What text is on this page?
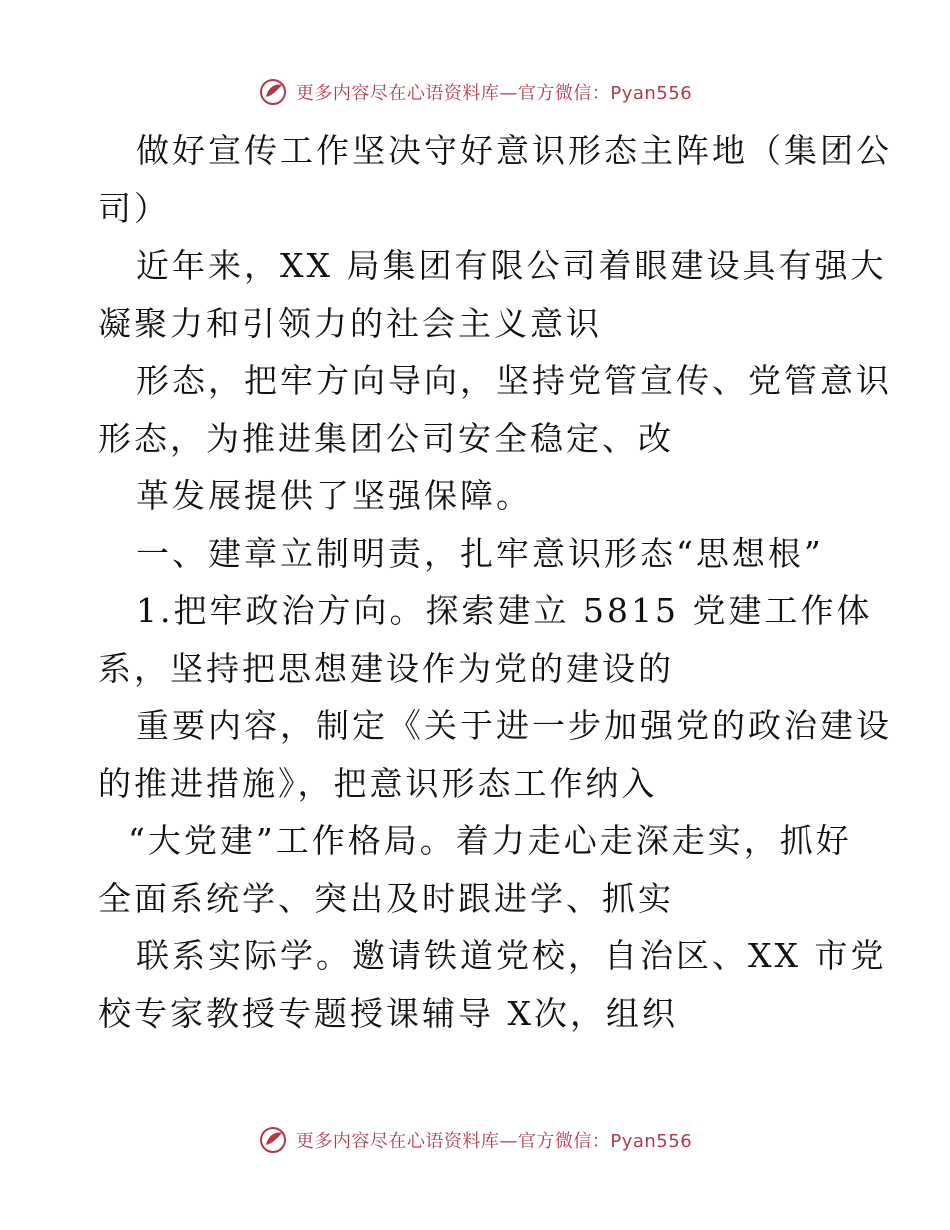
更多内容尽在心语资料库—官方微信：Pyan556
做好宣传工作坚决守好意识形态主阵地（集团公
司）
近年来，XX 局集团有限公司着眼建设具有强大
凝聚力和引领力的社会主义意识
形态，把牢方向导向，坚持党管宣传、党管意识
形态，为推进集团公司安全稳定、改
革发展提供了坚强保障。
一、建章立制明责，扎牢意识形态“思想根”
1.把牢政治方向。探索建立 5815 党建工作体
系，坚持把思想建设作为党的建设的
重要内容，制定《关于进一步加强党的政治建设
的推进措施》，把意识形态工作纳入
“大党建”工作格局。着力走心走深走实，抓好
全面系统学、突出及时跟进学、抓实
联系实际学。邀请铁道党校，自治区、XX 市党
校专家教授专题授课辅导 X次，组织
更多内容尽在心语资料库—官方微信：Pyan556
